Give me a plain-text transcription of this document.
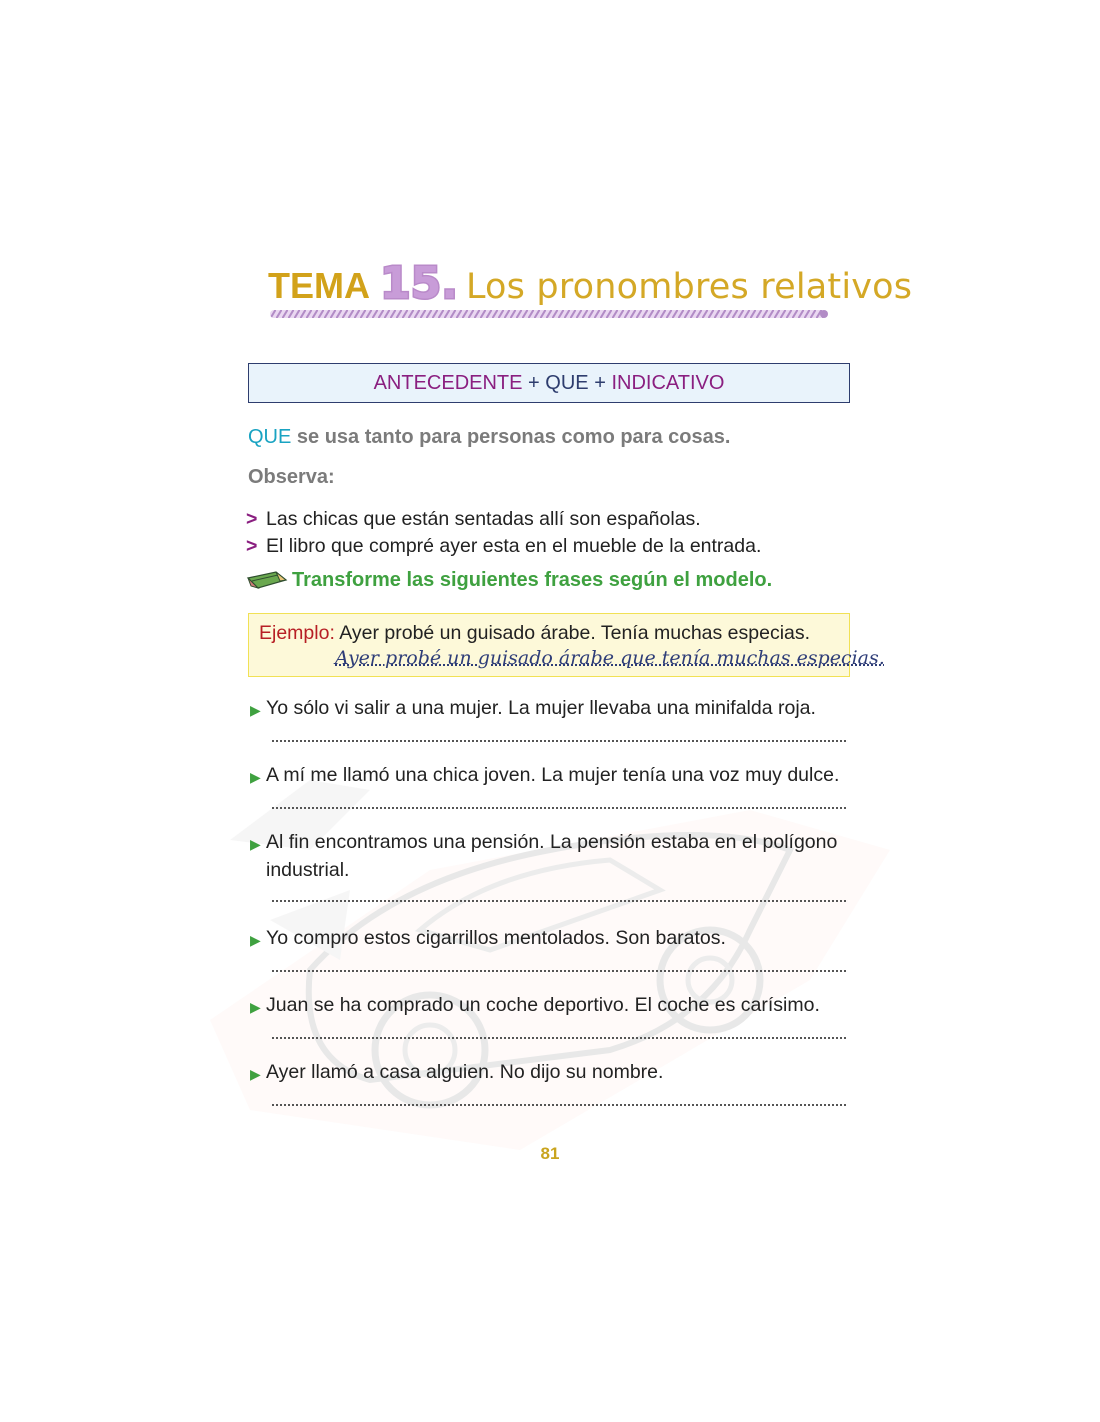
TEMA 15. Los pronombres relativos
ANTECEDENTE + QUE + INDICATIVO
QUE se usa tanto para personas como para cosas.
Observa:
> Las chicas que están sentadas allí son españolas.
> El libro que compré ayer esta en el mueble de la entrada.
Transforme las siguientes frases según el modelo.
Ejemplo: Ayer probé un guisado árabe. Tenía muchas especias.
Ayer probé un guisado árabe que tenía muchas especias.
▶ Yo sólo vi salir a una mujer. La mujer llevaba una minifalda roja.
▶ A mí me llamó una chica joven. La mujer tenía una voz muy dulce.
▶ Al fin encontramos una pensión. La pensión estaba en el polígono industrial.
▶ Yo compro estos cigarrillos mentolados. Son baratos.
▶ Juan se ha comprado un coche deportivo. El coche es carísimo.
▶ Ayer llamó a casa alguien. No dijo su nombre.
81
